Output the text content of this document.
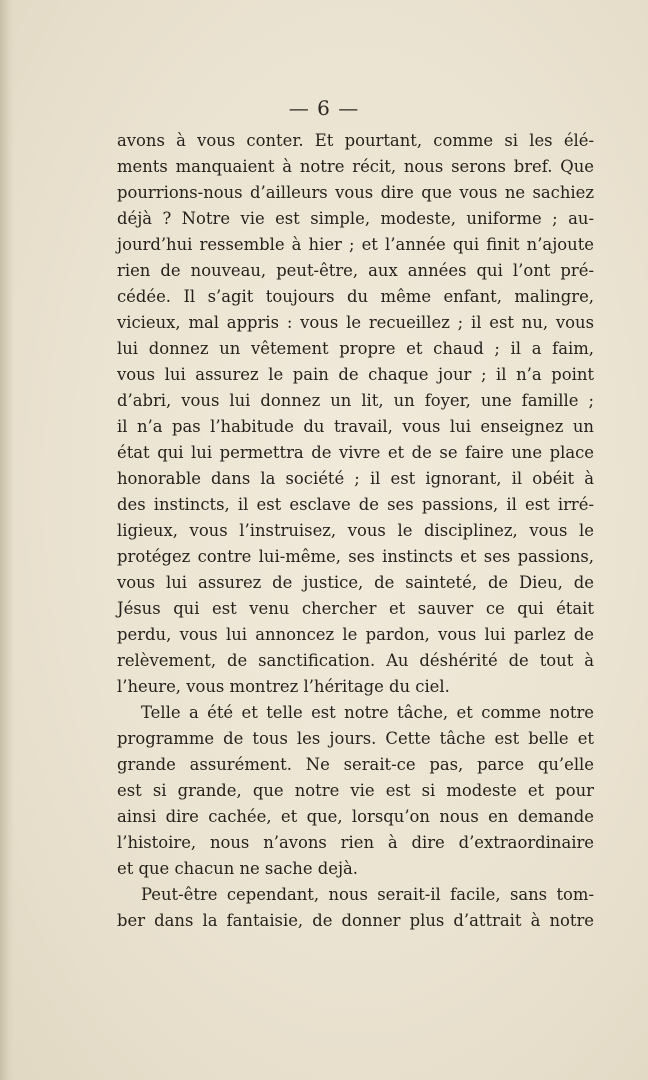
— 6 —
avons à vous conter. Et pourtant, comme si les élé-
ments manquaient à notre récit, nous serons bref. Que
pourrions-nous d’ailleurs vous dire que vous ne sachiez
déjà ? Notre vie est simple, modeste, uniforme ; au-
jourd’hui ressemble à hier ; et l’année qui finit n’ajoute
rien de nouveau, peut-être, aux années qui l’ont pré-
cédée. Il s’agit toujours du même enfant, malingre,
vicieux, mal appris : vous le recueillez ; il est nu, vous
lui donnez un vêtement propre et chaud ; il a faim,
vous lui assurez le pain de chaque jour ; il n’a point
d’abri, vous lui donnez un lit, un foyer, une famille ;
il n’a pas l’habitude du travail, vous lui enseignez un
état qui lui permettra de vivre et de se faire une place
honorable dans la société ; il est ignorant, il obéit à
des instincts, il est esclave de ses passions, il est irré-
ligieux, vous l’instruisez, vous le disciplinez, vous le
protégez contre lui-même, ses instincts et ses passions,
vous lui assurez de justice, de sainteté, de Dieu, de
Jésus qui est venu chercher et sauver ce qui était
perdu, vous lui annoncez le pardon, vous lui parlez de
relèvement, de sanctification. Au déshérité de tout à
l’heure, vous montrez l’héritage du ciel.
Telle a été et telle est notre tâche, et comme notre
programme de tous les jours. Cette tâche est belle et
grande assurément. Ne serait-ce pas, parce qu’elle
est si grande, que notre vie est si modeste et pour
ainsi dire cachée, et que, lorsqu’on nous en demande
l’histoire, nous n’avons rien à dire d’extraordinaire
et que chacun ne sache dejà.
Peut-être cependant, nous serait-il facile, sans tom-
ber dans la fantaisie, de donner plus d’attrait à notre
